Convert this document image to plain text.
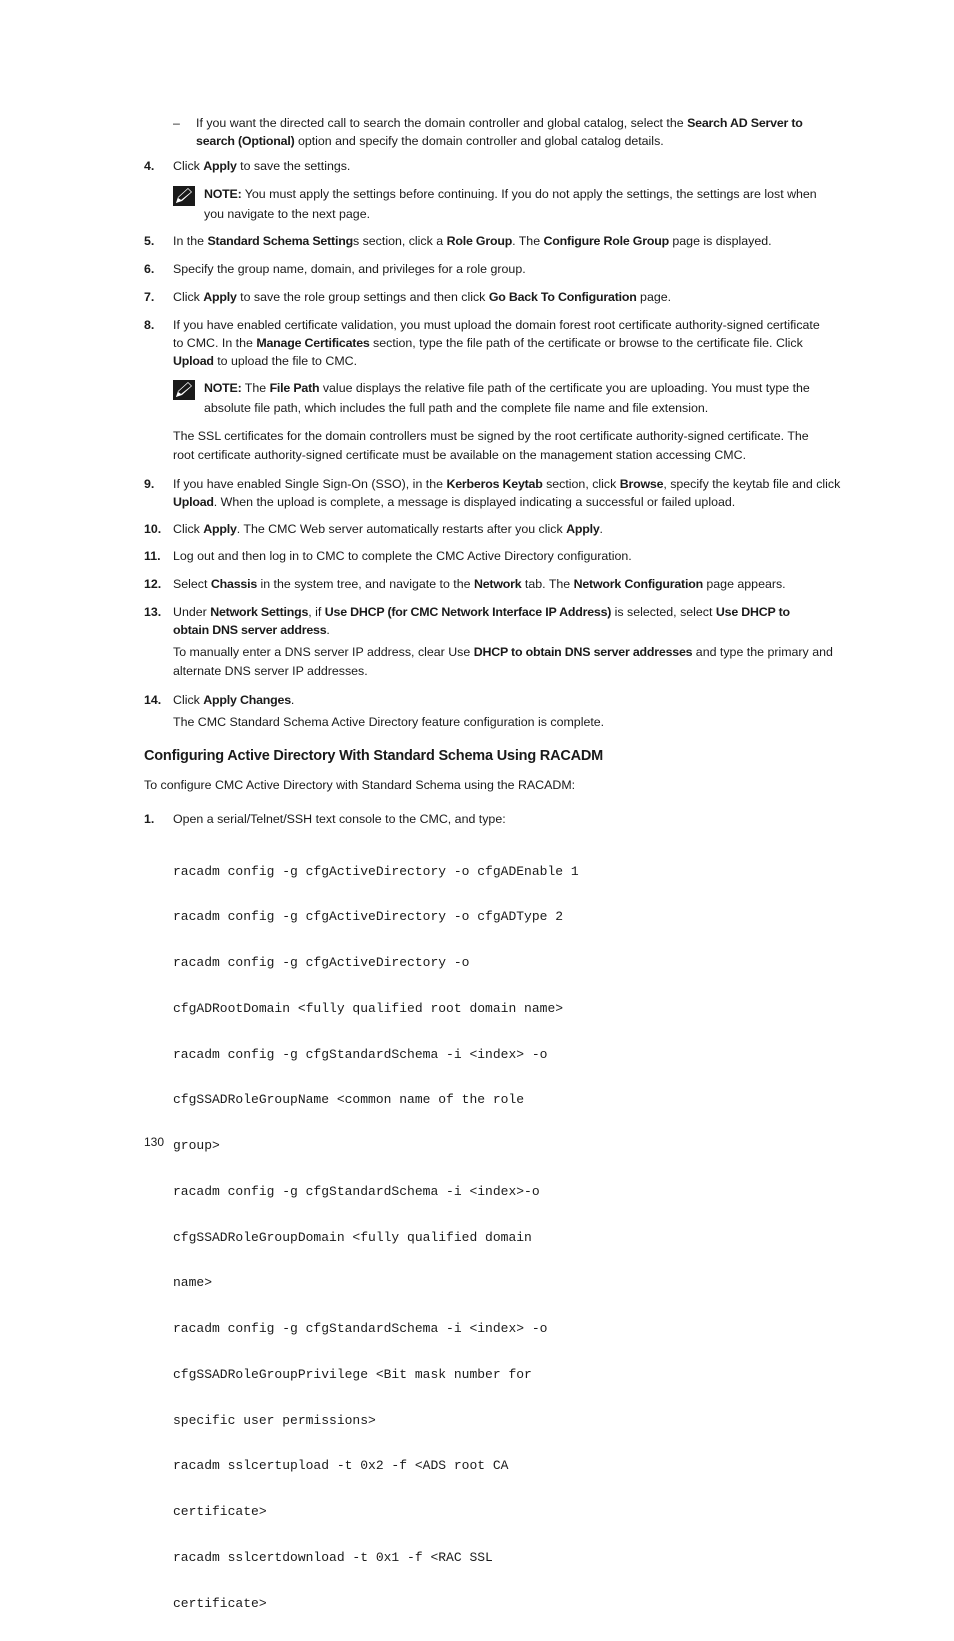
– If you want the directed call to search the domain controller and global catalog, select the Search AD Server to search (Optional) option and specify the domain controller and global catalog details.
4.	Click Apply to save the settings.
NOTE: You must apply the settings before continuing. If you do not apply the settings, the settings are lost when you navigate to the next page.
5.	In the Standard Schema Settings section, click a Role Group. The Configure Role Group page is displayed.
6.	Specify the group name, domain, and privileges for a role group.
7.	Click Apply to save the role group settings and then click Go Back To Configuration page.
8.	If you have enabled certificate validation, you must upload the domain forest root certificate authority-signed certificate to CMC. In the Manage Certificates section, type the file path of the certificate or browse to the certificate file. Click Upload to upload the file to CMC.
NOTE: The File Path value displays the relative file path of the certificate you are uploading. You must type the absolute file path, which includes the full path and the complete file name and file extension.
The SSL certificates for the domain controllers must be signed by the root certificate authority-signed certificate. The root certificate authority-signed certificate must be available on the management station accessing CMC.
9.	If you have enabled Single Sign-On (SSO), in the Kerberos Keytab section, click Browse, specify the keytab file and click Upload. When the upload is complete, a message is displayed indicating a successful or failed upload.
10. Click Apply. The CMC Web server automatically restarts after you click Apply.
11.	Log out and then log in to CMC to complete the CMC Active Directory configuration.
12. Select Chassis in the system tree, and navigate to the Network tab. The Network Configuration page appears.
13. Under Network Settings, if Use DHCP (for CMC Network Interface IP Address) is selected, select Use DHCP to obtain DNS server address.
To manually enter a DNS server IP address, clear Use DHCP to obtain DNS server addresses and type the primary and alternate DNS server IP addresses.
14. Click Apply Changes.
The CMC Standard Schema Active Directory feature configuration is complete.
Configuring Active Directory With Standard Schema Using RACADM
To configure CMC Active Directory with Standard Schema using the RACADM:
1.	Open a serial/Telnet/SSH text console to the CMC, and type:

racadm config -g cfgActiveDirectory -o cfgADEnable 1

racadm config -g cfgActiveDirectory -o cfgADType 2

racadm config -g cfgActiveDirectory -o

cfgADRootDomain <fully qualified root domain name>

racadm config -g cfgStandardSchema -i <index> -o

cfgSSADRoleGroupName <common name of the role

group>

racadm config -g cfgStandardSchema -i <index>-o

cfgSSADRoleGroupDomain <fully qualified domain

name>

racadm config -g cfgStandardSchema -i <index> -o

cfgSSADRoleGroupPrivilege <Bit mask number for

specific user permissions>

racadm sslcertupload -t 0x2 -f <ADS root CA

certificate>

racadm sslcertdownload -t 0x1 -f <RAC SSL

certificate>

130
